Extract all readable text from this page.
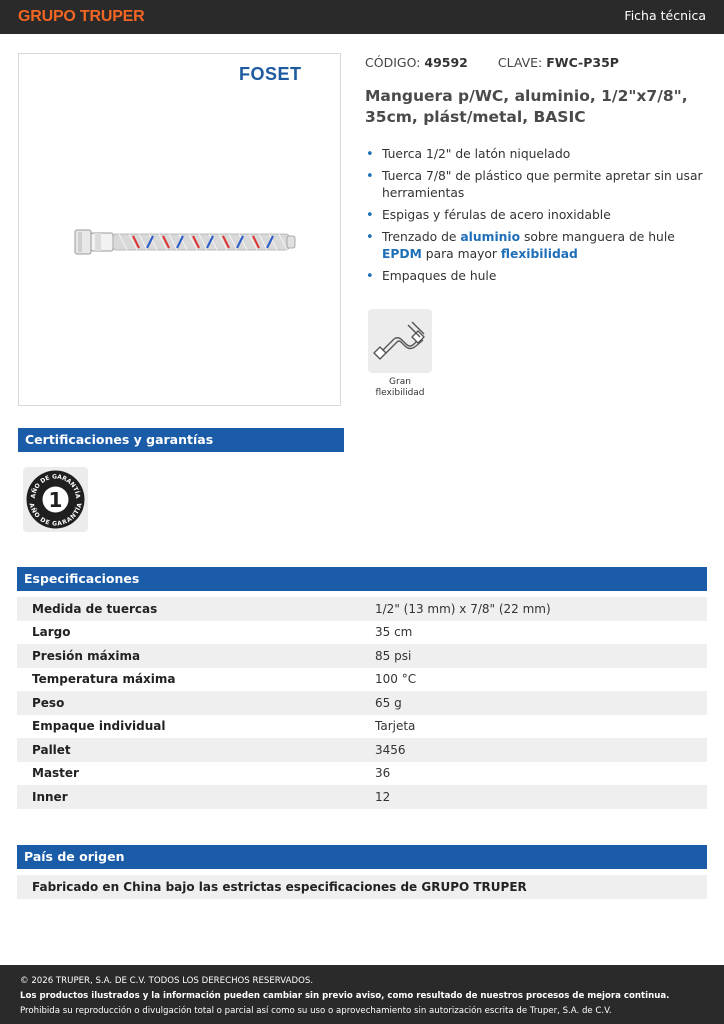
GRUPO TRUPER	Ficha técnica
FOSET
CÓDIGO: 49592 CLAVE: FWC-P35P
Manguera p/WC, aluminio, 1/2"x7/8", 35cm, plást/metal, BASIC
• Tuerca 1/2" de latón niquelado
• Tuerca 7/8" de plástico que permite apretar sin usar herramientas
• Espigas y férulas de acero inoxidable
• Trenzado de aluminio sobre manguera de hule EPDM para mayor flexibilidad
• Empaques de hule
Gran flexibilidad
Certificaciones y garantías
1
AÑO DE GARANTÍA
AÑO DE GARANTÍA
Especificaciones
Medida de tuercas	1/2" (13 mm) x 7/8" (22 mm)
Largo	35 cm
Presión máxima	85 psi
Temperatura máxima	100 °C
Peso	65 g
Empaque individual	Tarjeta
Pallet	3456
Master	36
Inner	12
País de origen
Fabricado en China bajo las estrictas especificaciones de GRUPO TRUPER
© 2026 TRUPER, S.A. DE C.V. TODOS LOS DERECHOS RESERVADOS.
Los productos ilustrados y la información pueden cambiar sin previo aviso, como resultado de nuestros procesos de mejora continua.
Prohibida su reproducción o divulgación total o parcial así como su uso o aprovechamiento sin autorización escrita de Truper, S.A. de C.V.
